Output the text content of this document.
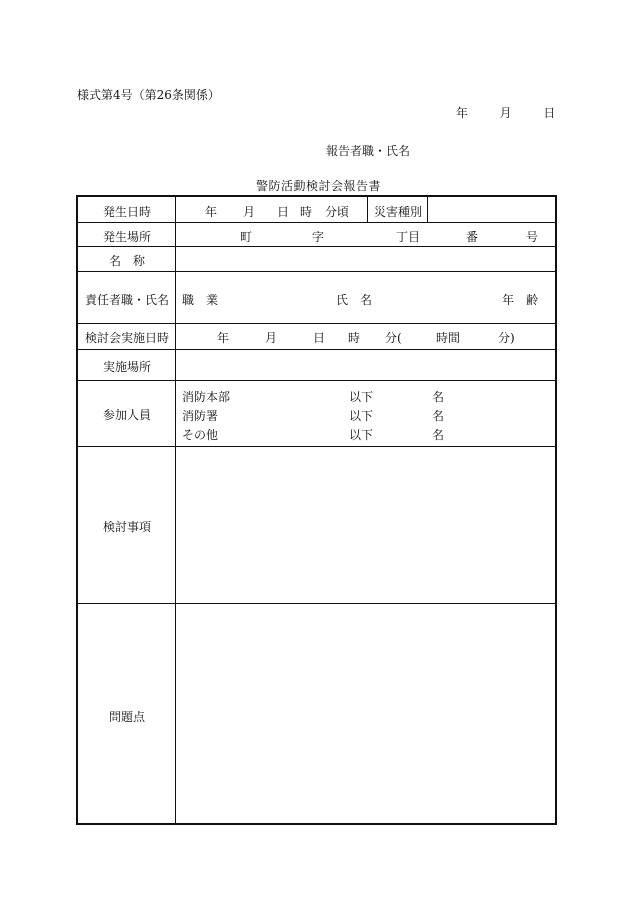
様式第4号（第26条関係）
年	月	日
報告者職・氏名
警防活動検討会報告書
発生日時	年 月 日 時 分頃 災害種別
発生場所	町	字	丁目	番	号
名　称
責任者職・氏名	職　業	氏　名	年　齢
検討会実施日時	年	月	日 時 分(	時間	分)
実施場所
参加人員
消防本部	以下	名
消防署	以下	名
その他	以下	名
検討事項
問題点
